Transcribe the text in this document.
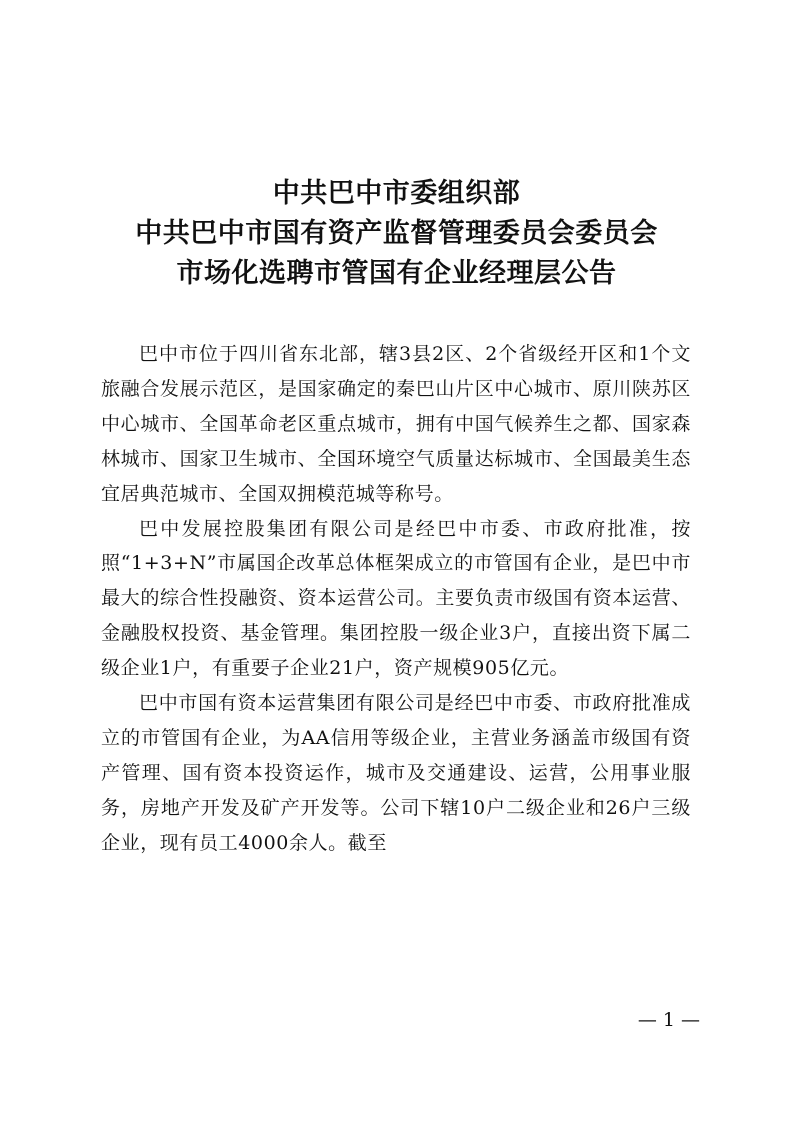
中共巴中市委组织部
中共巴中市国有资产监督管理委员会委员会
市场化选聘市管国有企业经理层公告

巴中市位于四川省东北部，辖3县2区、2个省级经开区和1个文旅融合发展示范区，是国家确定的秦巴山片区中心城市、原川陕苏区中心城市、全国革命老区重点城市，拥有中国气候养生之都、国家森林城市、国家卫生城市、全国环境空气质量达标城市、全国最美生态宜居典范城市、全国双拥模范城等称号。

巴中发展控股集团有限公司是经巴中市委、市政府批准，按照“1+3+N”市属国企改革总体框架成立的市管国有企业，是巴中市最大的综合性投融资、资本运营公司。主要负责市级国有资本运营、金融股权投资、基金管理。集团控股一级企业3户，直接出资下属二级企业1户，有重要子企业21户，资产规模905亿元。

巴中市国有资本运营集团有限公司是经巴中市委、市政府批准成立的市管国有企业，为AA信用等级企业，主营业务涵盖市级国有资产管理、国有资本投资运作，城市及交通建设、运营，公用事业服务，房地产开发及矿产开发等。公司下辖10户二级企业和26户三级企业，现有员工4000余人。截至

— 1 —
